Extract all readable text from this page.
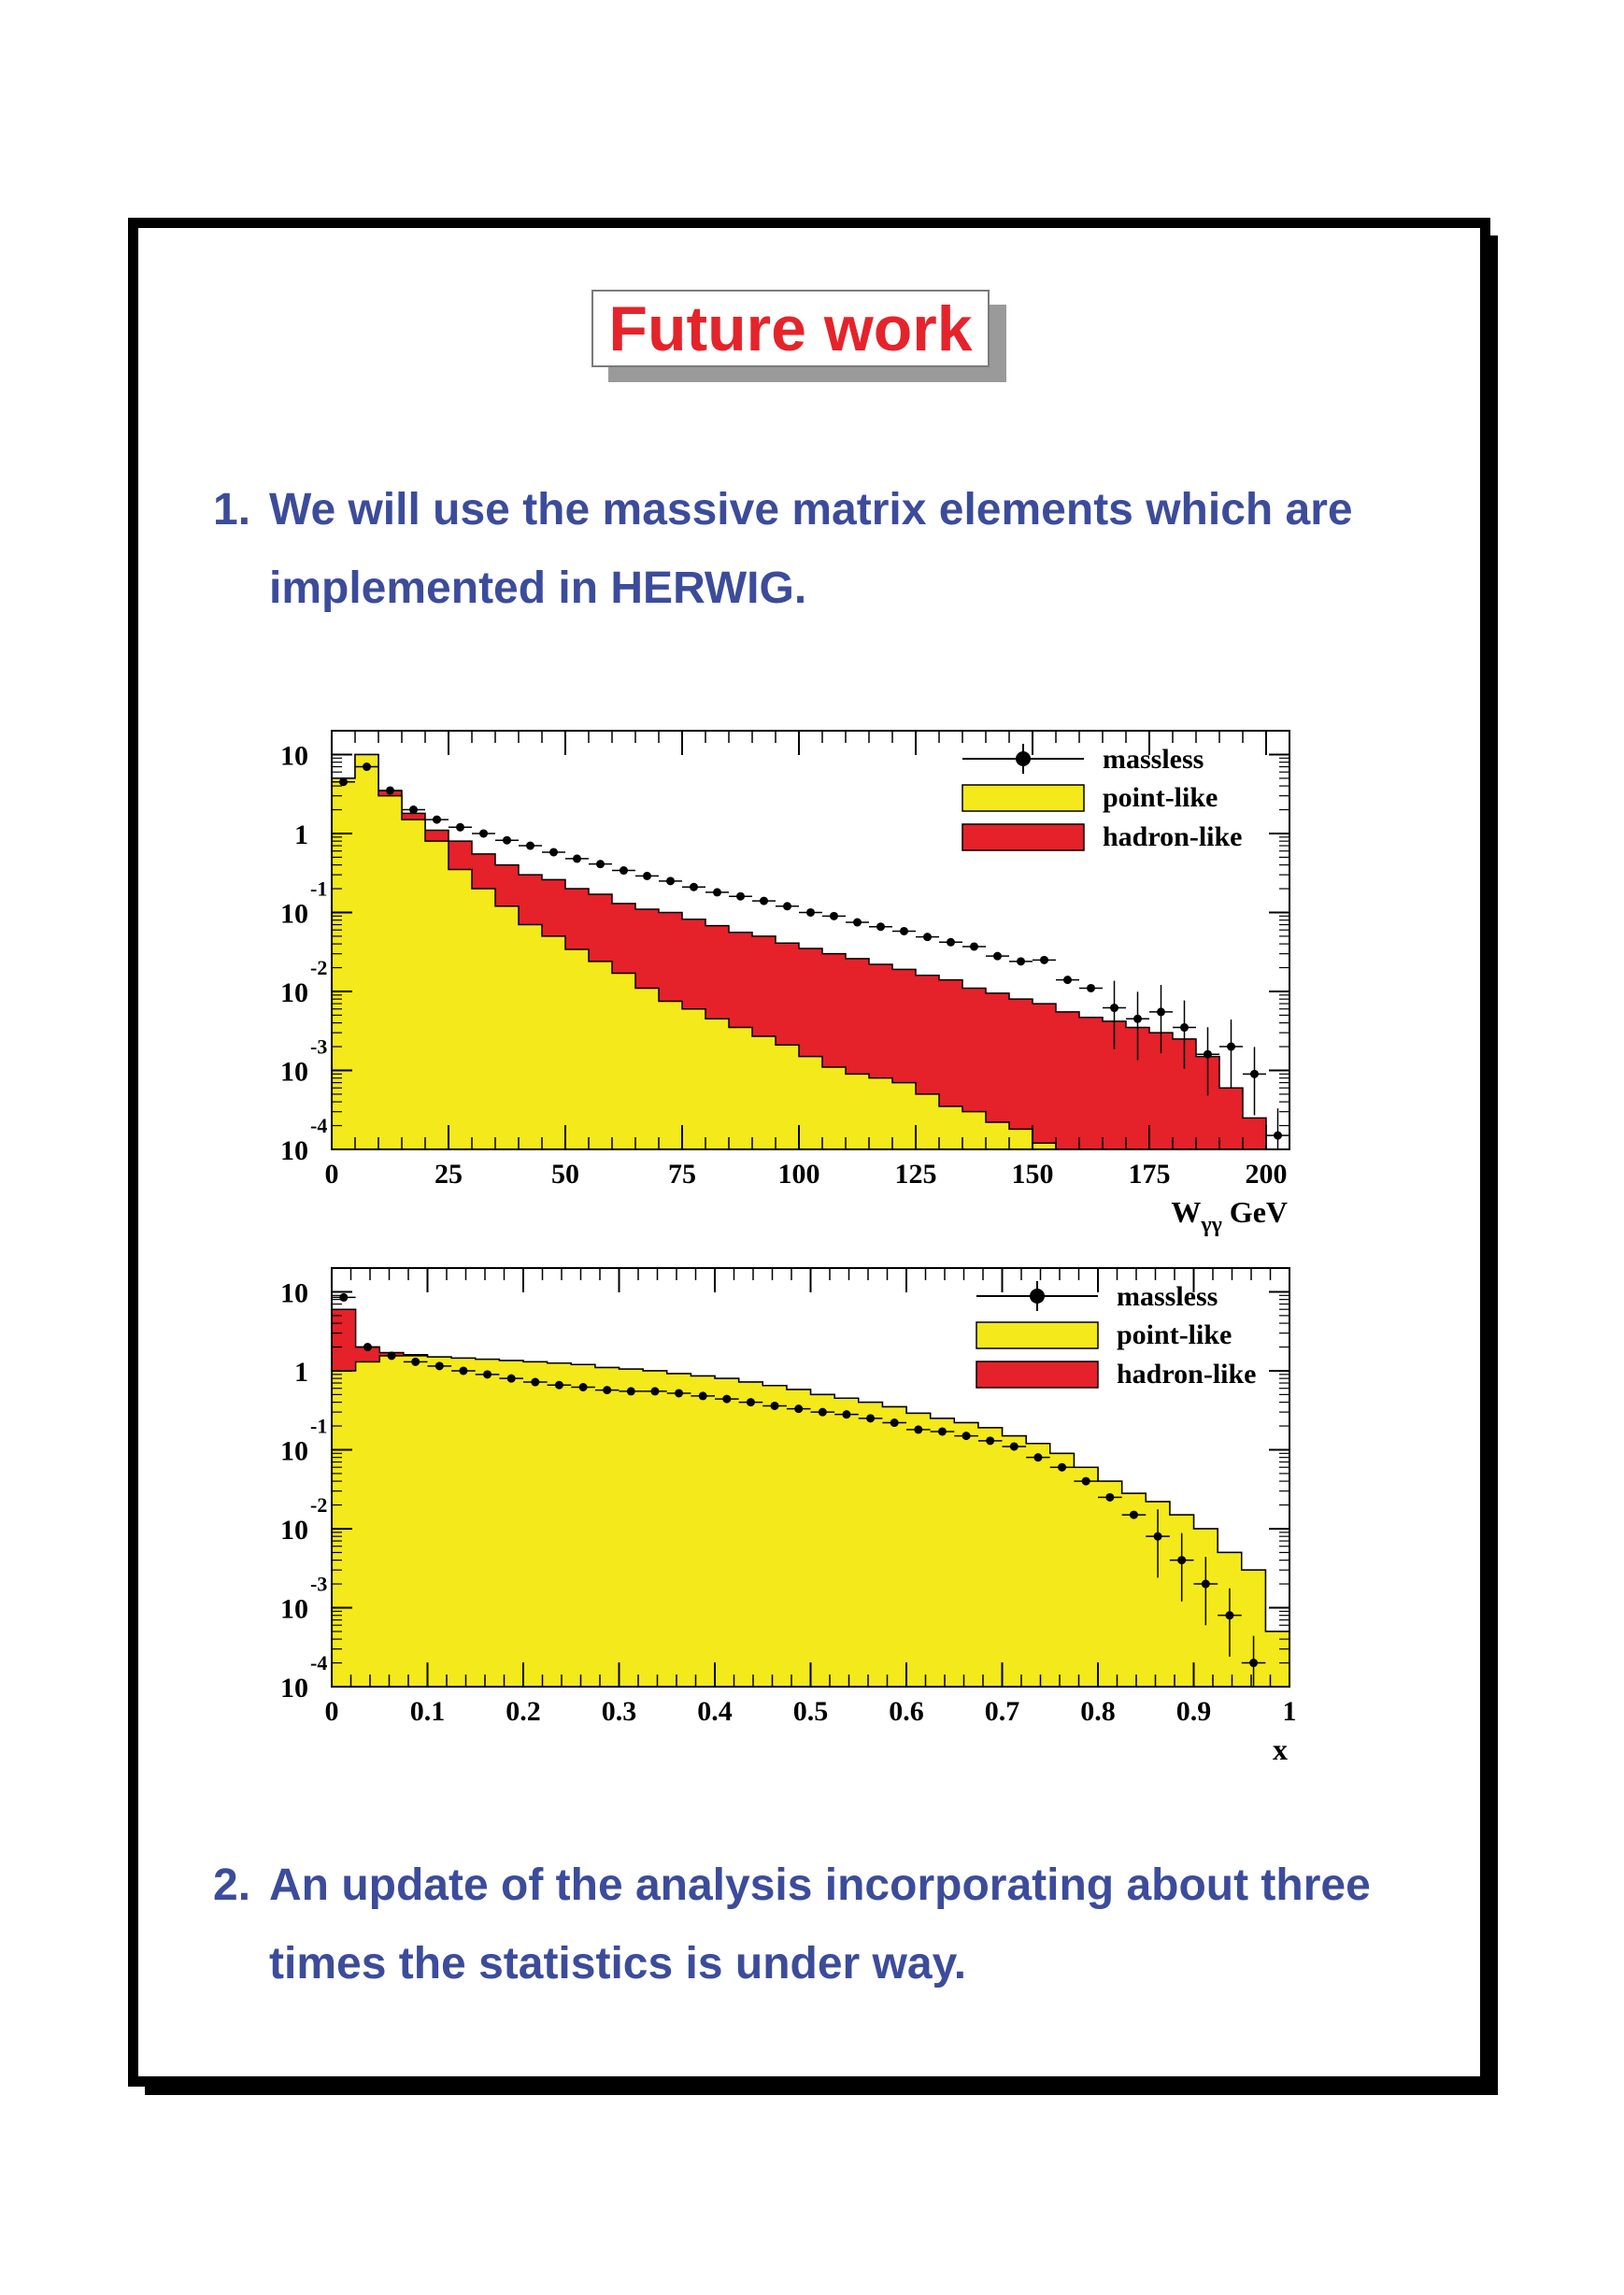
Future work
1. We will use the massive matrix elements which are
implemented in HERWIG.
0	25	50	75	100	125	150	175	200
10
1
10
-1
10
-2
10
-3
10
-4
massless
point-like
hadron-like
$W_{\gamma\gamma}$ GeV
0	0.1 0.2 0.3 0.4 0.5 0.6 0.7 0.8 0.9	1
10
1
10
-1
10
-2
10
-3
10
-4
massless
point-like
hadron-like
x
2. An update of the analysis incorporating about three
times the statistics is under way.
